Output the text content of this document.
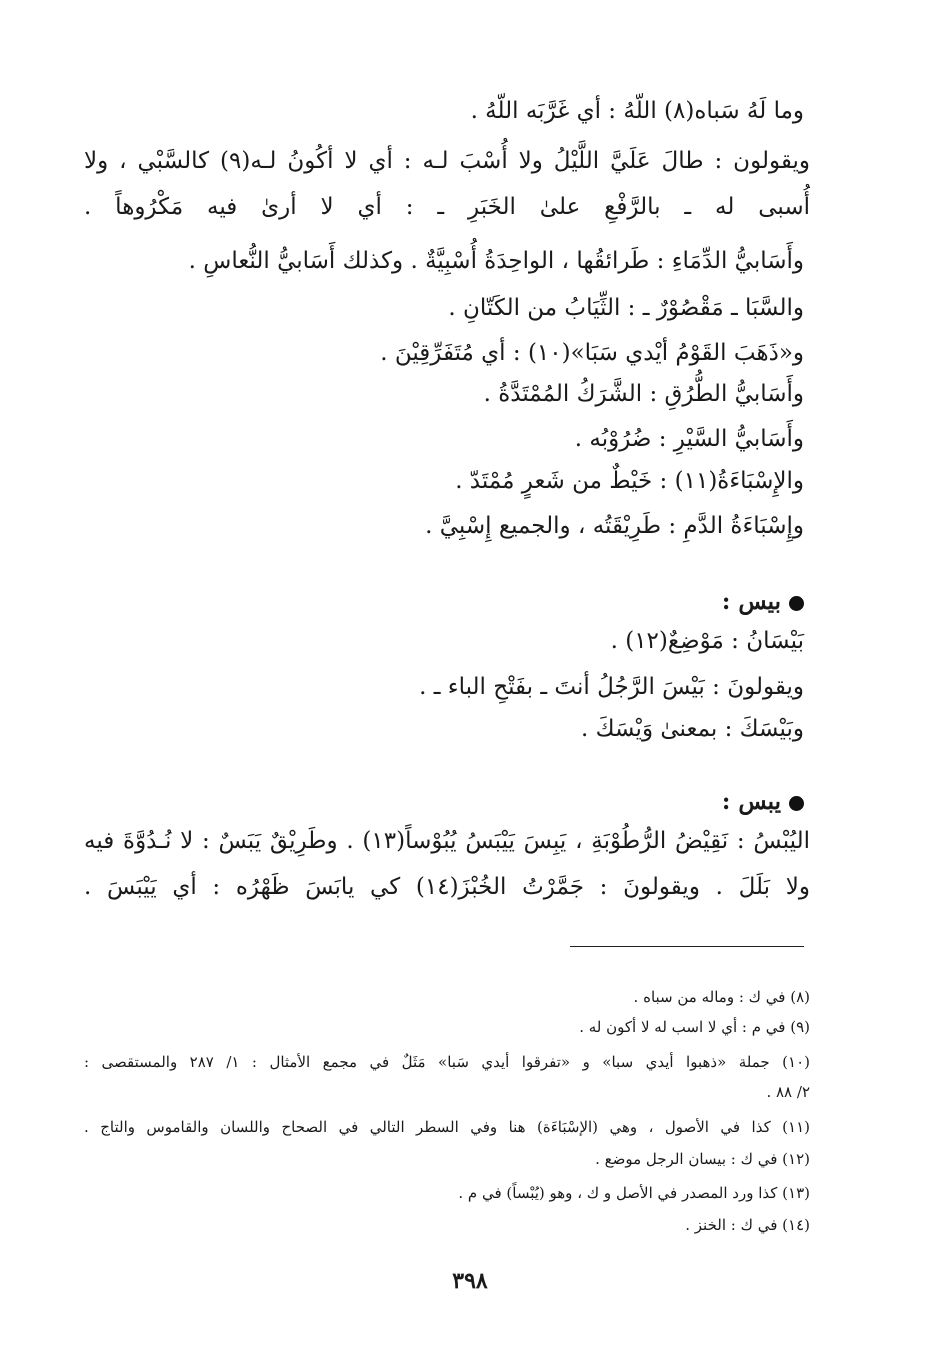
وما لَهُ سَباه(٨) اللّهُ : أي غَرَّبَه اللّهُ .
ويقولون : طالَ عَلَيَّ اللَّيْلُ ولا أُسْبَ لـه : أي لا أكُونُ لـه(٩) كالسَّبْي ، ولا
أُسبى له ـ بالرَّفْعِ علىٰ الخَبَرِ ـ : أي لا أرىٰ فيه مَكْرُوهاً .
وأَسَابيُّ الدِّمَاءِ : طَرائقُها ، الواحِدَةُ أُسْبِيَّةٌ . وكذلك أَسَابيُّ النُّعاسِ .
والسَّبَا ـ مَقْصُوْرٌ ـ : الثِّيَابُ من الكَتّانِ .
و«ذَهَبَ القَوْمُ أيْدي سَبَا»(١٠) : أي مُتَفَرِّقِيْنَ .
وأَسَابيُّ الطُّرُقِ : الشَّرَكُ المُمْتَدَّةُ .
وأَسَابيُّ السَّيْرِ : ضُرُوْبُه .
والإِسْبَاءَةُ(١١) : خَيْطٌ من شَعرٍ مُمْتَدّ .
وإِسْبَاءَةُ الدَّمِ : طَرِيْقَتُه ، والجميع إِسْبِيَّ .
بيس :
بَيْسَانُ : مَوْضِعٌ(١٢) .
ويقولونَ : بَيْسَ الرَّجُلُ أنتَ ـ بفَتْحِ الباء ـ .
وبَيْسَكَ : بمعنىٰ وَيْسَكَ .
يبس :
اليُبْسُ : نَقِيْضُ الرُّطُوْبَةِ ، يَبِسَ يَيْبَسُ يُبُوْساً(١٣) . وطَرِيْقٌ يَبَسٌ : لا نُـدُوَّةَ فيه
ولا بَلَلَ . ويقولونَ : جَمَّرْتُ الخُبْزَ(١٤) كي يابَسَ ظَهْرُه : أي يَيْبَسَ .
(٨) في ك : وماله من سباه .
(٩) في م : أي لا اسب له لا أكون له .
(١٠) جملة «ذهبوا أيدي سبا» و «تفرقوا أيدي سَبا» مَثَلٌ في مجمع الأمثال : ١/ ٢٨٧ والمستقصى :
٢/ ٨٨ .
(١١) كذا في الأصول ، وهي (الإسْبَاءَة) هنا وفي السطر التالي في الصحاح واللسان والقاموس والتاج .
(١٢) في ك : بيسان الرجل موضع .
(١٣) كذا ورد المصدر في الأصل و ك ، وهو (يُبْساً) في م .
(١٤) في ك : الخنز .
٣٩٨
